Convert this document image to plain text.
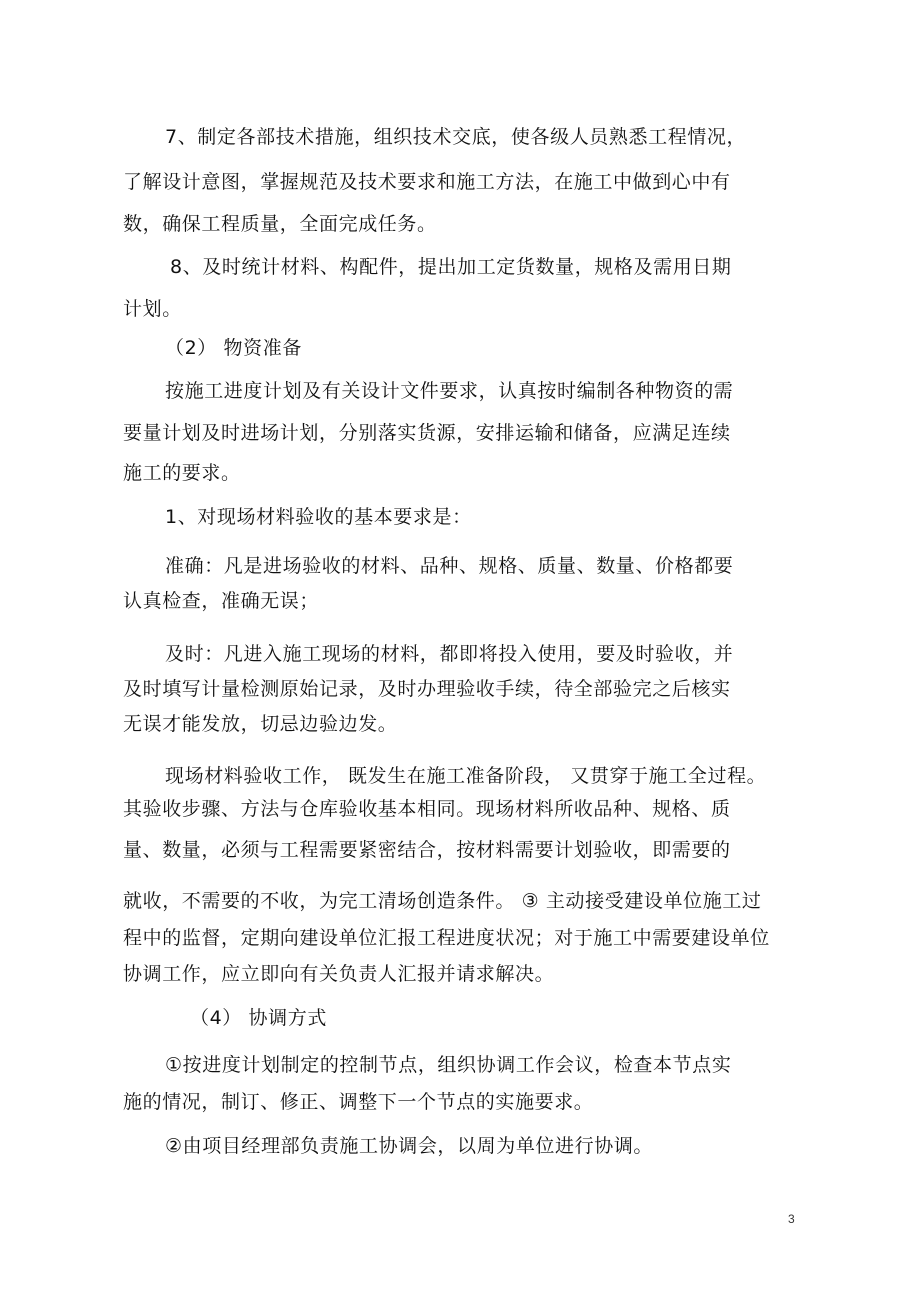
7、制定各部技术措施，组织技术交底，使各级人员熟悉工程情况，
了解设计意图，掌握规范及技术要求和施工方法，在施工中做到心中有
数，确保工程质量，全面完成任务。
8、及时统计材料、构配件，提出加工定货数量，规格及需用日期
计划。
（2） 物资准备
按施工进度计划及有关设计文件要求，认真按时编制各种物资的需
要量计划及时进场计划，分别落实货源，安排运输和储备，应满足连续
施工的要求。
1、对现场材料验收的基本要求是：
准确：凡是进场验收的材料、品种、规格、质量、数量、价格都要
认真检查，准确无误；
及时：凡进入施工现场的材料，都即将投入使用，要及时验收，并
及时填写计量检测原始记录，及时办理验收手续，待全部验完之后核实
无误才能发放，切忌边验边发。
现场材料验收工作， 既发生在施工准备阶段， 又贯穿于施工全过程。
其验收步骤、方法与仓库验收基本相同。现场材料所收品种、规格、质
量、数量，必须与工程需要紧密结合，按材料需要计划验收，即需要的
就收，不需要的不收，为完工清场创造条件。 ③ 主动接受建设单位施工过
程中的监督，定期向建设单位汇报工程进度状况；对于施工中需要建设单位
协调工作，应立即向有关负责人汇报并请求解决。
（4） 协调方式
①按进度计划制定的控制节点，组织协调工作会议，检查本节点实
施的情况，制订、修正、调整下一个节点的实施要求。
②由项目经理部负责施工协调会，以周为单位进行协调。
3
